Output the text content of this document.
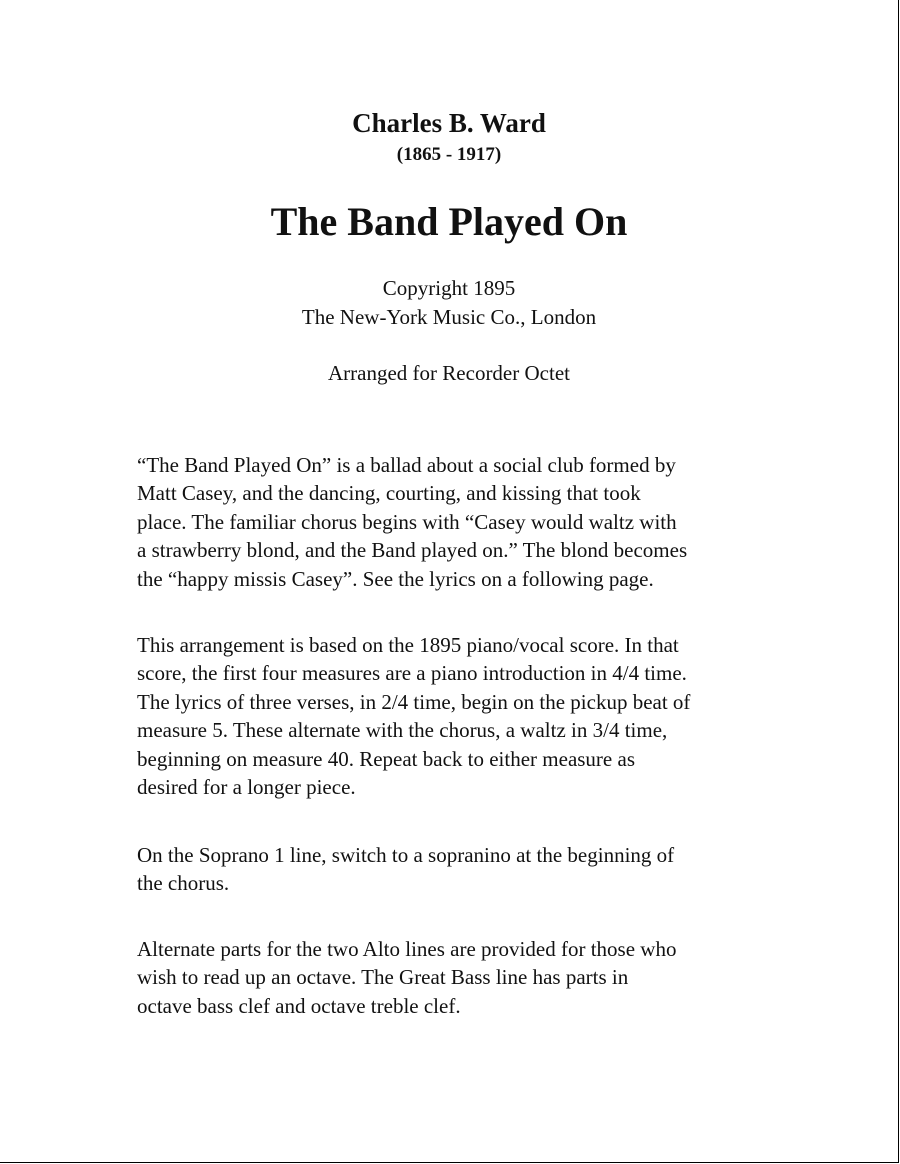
Charles B. Ward
(1865 - 1917)
The Band Played On
Copyright 1895
The New-York Music Co., London
Arranged for Recorder Octet

“The Band Played On” is a ballad about a social club formed by
Matt Casey, and the dancing, courting, and kissing that took
place. The familiar chorus begins with “Casey would waltz with
a strawberry blond, and the Band played on.” The blond becomes
the “happy missis Casey”. See the lyrics on a following page.

This arrangement is based on the 1895 piano/vocal score. In that
score, the first four measures are a piano introduction in 4/4 time.
The lyrics of three verses, in 2/4 time, begin on the pickup beat of
measure 5. These alternate with the chorus, a waltz in 3/4 time,
beginning on measure 40. Repeat back to either measure as
desired for a longer piece.

On the Soprano 1 line, switch to a sopranino at the beginning of
the chorus.

Alternate parts for the two Alto lines are provided for those who
wish to read up an octave. The Great Bass line has parts in
octave bass clef and octave treble clef.
